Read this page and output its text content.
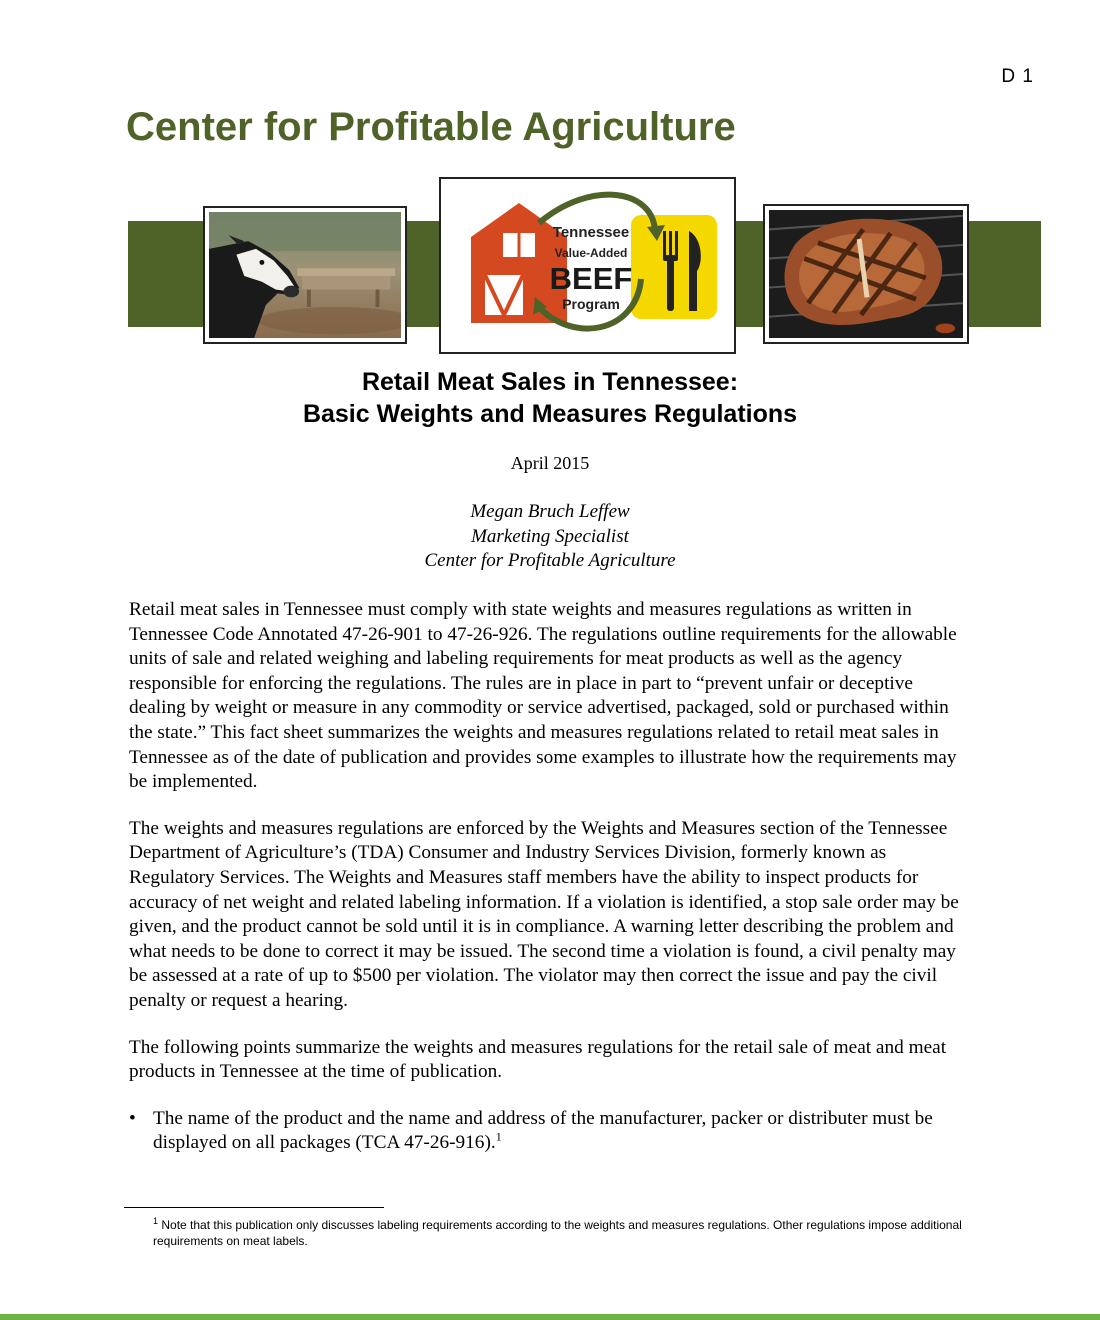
D 1
Center for Profitable Agriculture
Tennessee
Value-Added
BEEF
Program
Retail Meat Sales in Tennessee:
Basic Weights and Measures Regulations
April 2015
Megan Bruch Leffew
Marketing Specialist
Center for Profitable Agriculture

Retail meat sales in Tennessee must comply with state weights and measures regulations as written in Tennessee Code Annotated 47-26-901 to 47-26-926. The regulations outline requirements for the allowable units of sale and related weighing and labeling requirements for meat products as well as the agency responsible for enforcing the regulations. The rules are in place in part to “prevent unfair or deceptive dealing by weight or measure in any commodity or service advertised, packaged, sold or purchased within the state.” This fact sheet summarizes the weights and measures regulations related to retail meat sales in Tennessee as of the date of publication and provides some examples to illustrate how the requirements may be implemented.

The weights and measures regulations are enforced by the Weights and Measures section of the Tennessee Department of Agriculture’s (TDA) Consumer and Industry Services Division, formerly known as Regulatory Services. The Weights and Measures staff members have the ability to inspect products for accuracy of net weight and related labeling information. If a violation is identified, a stop sale order may be given, and the product cannot be sold until it is in compliance. A warning letter describing the problem and what needs to be done to correct it may be issued. The second time a violation is found, a civil penalty may be assessed at a rate of up to $500 per violation. The violator may then correct the issue and pay the civil penalty or request a hearing.

The following points summarize the weights and measures regulations for the retail sale of meat and meat products in Tennessee at the time of publication.

• The name of the product and the name and address of the manufacturer, packer or distributer must be displayed on all packages (TCA 47-26-916).$^1$
$^1$ Note that this publication only discusses labeling requirements according to the weights and measures regulations. Other regulations impose additional requirements on meat labels.
